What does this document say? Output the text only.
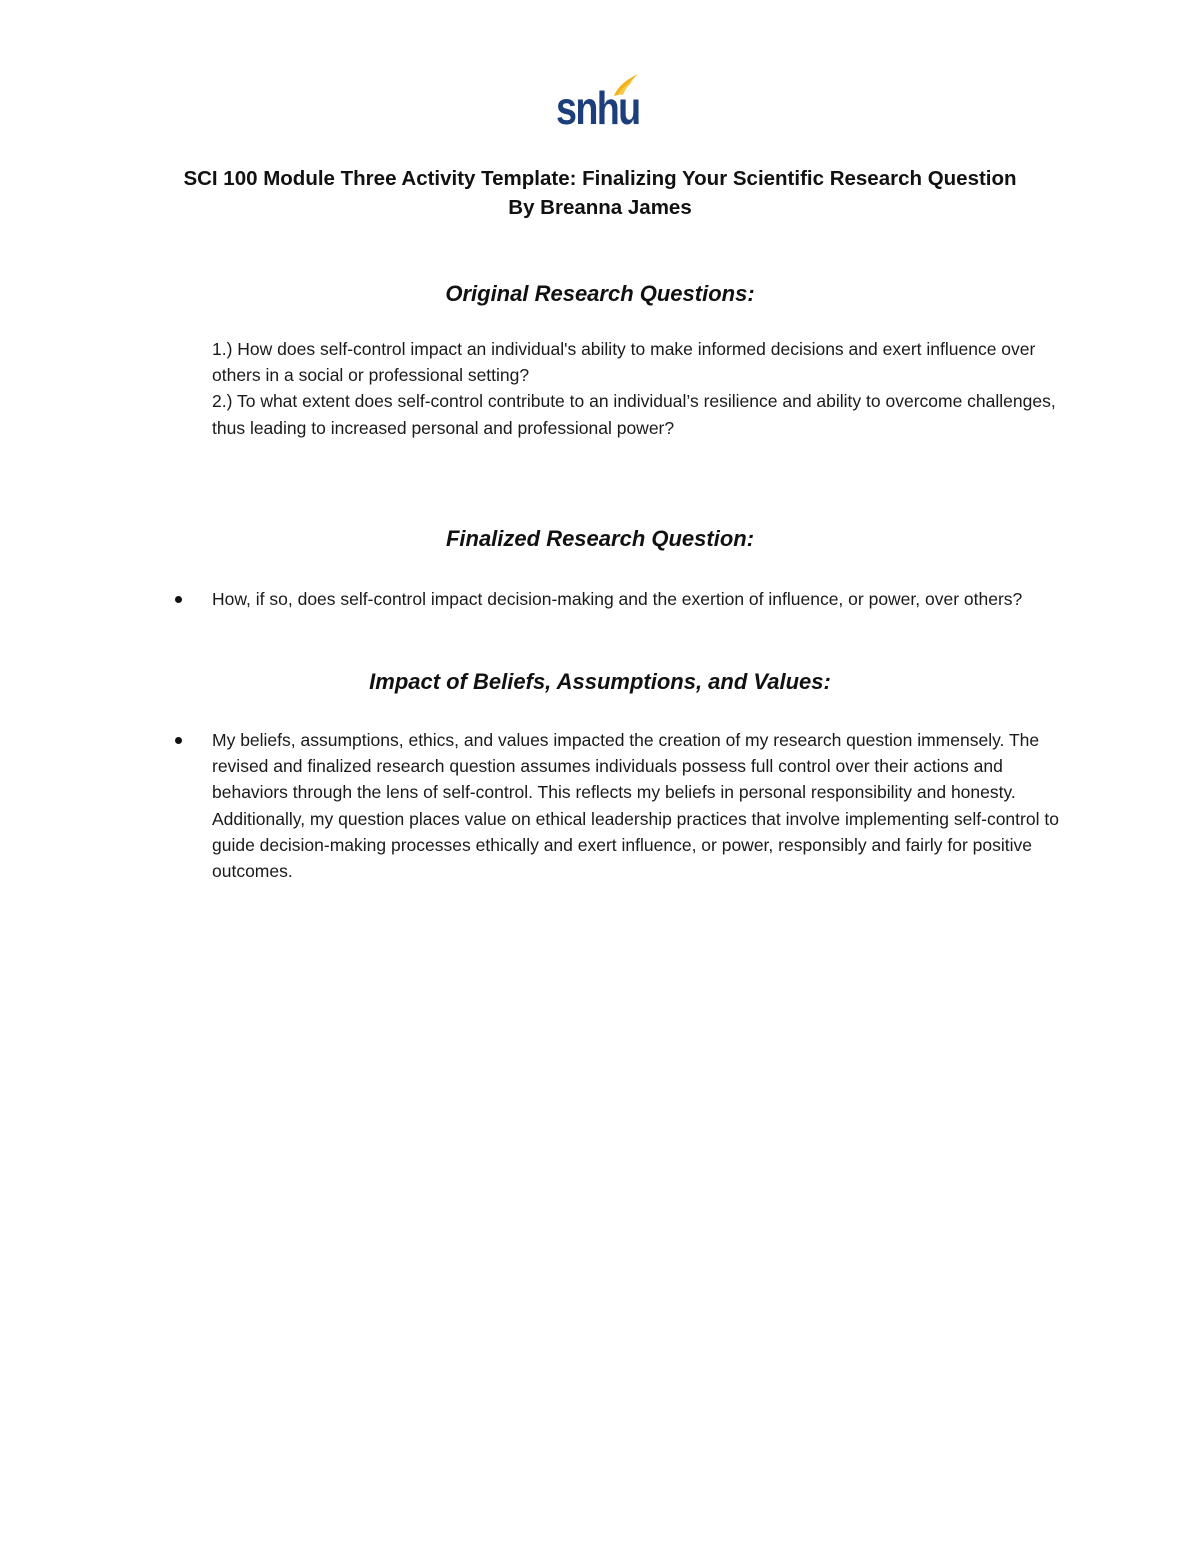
snhu
SCI 100 Module Three Activity Template: Finalizing Your Scientific Research Question
By Breanna James
Original Research Questions:
1.) How does self-control impact an individual's ability to make informed decisions and exert influence over others in a social or professional setting?
2.) To what extent does self-control contribute to an individual’s resilience and ability to overcome challenges, thus leading to increased personal and professional power?
Finalized Research Question:
How, if so, does self-control impact decision-making and the exertion of influence, or power, over others?
Impact of Beliefs, Assumptions, and Values:
My beliefs, assumptions, ethics, and values impacted the creation of my research question immensely. The revised and finalized research question assumes individuals possess full control over their actions and behaviors through the lens of self-control. This reflects my beliefs in personal responsibility and honesty. Additionally, my question places value on ethical leadership practices that involve implementing self-control to guide decision-making processes ethically and exert influence, or power, responsibly and fairly for positive outcomes.
